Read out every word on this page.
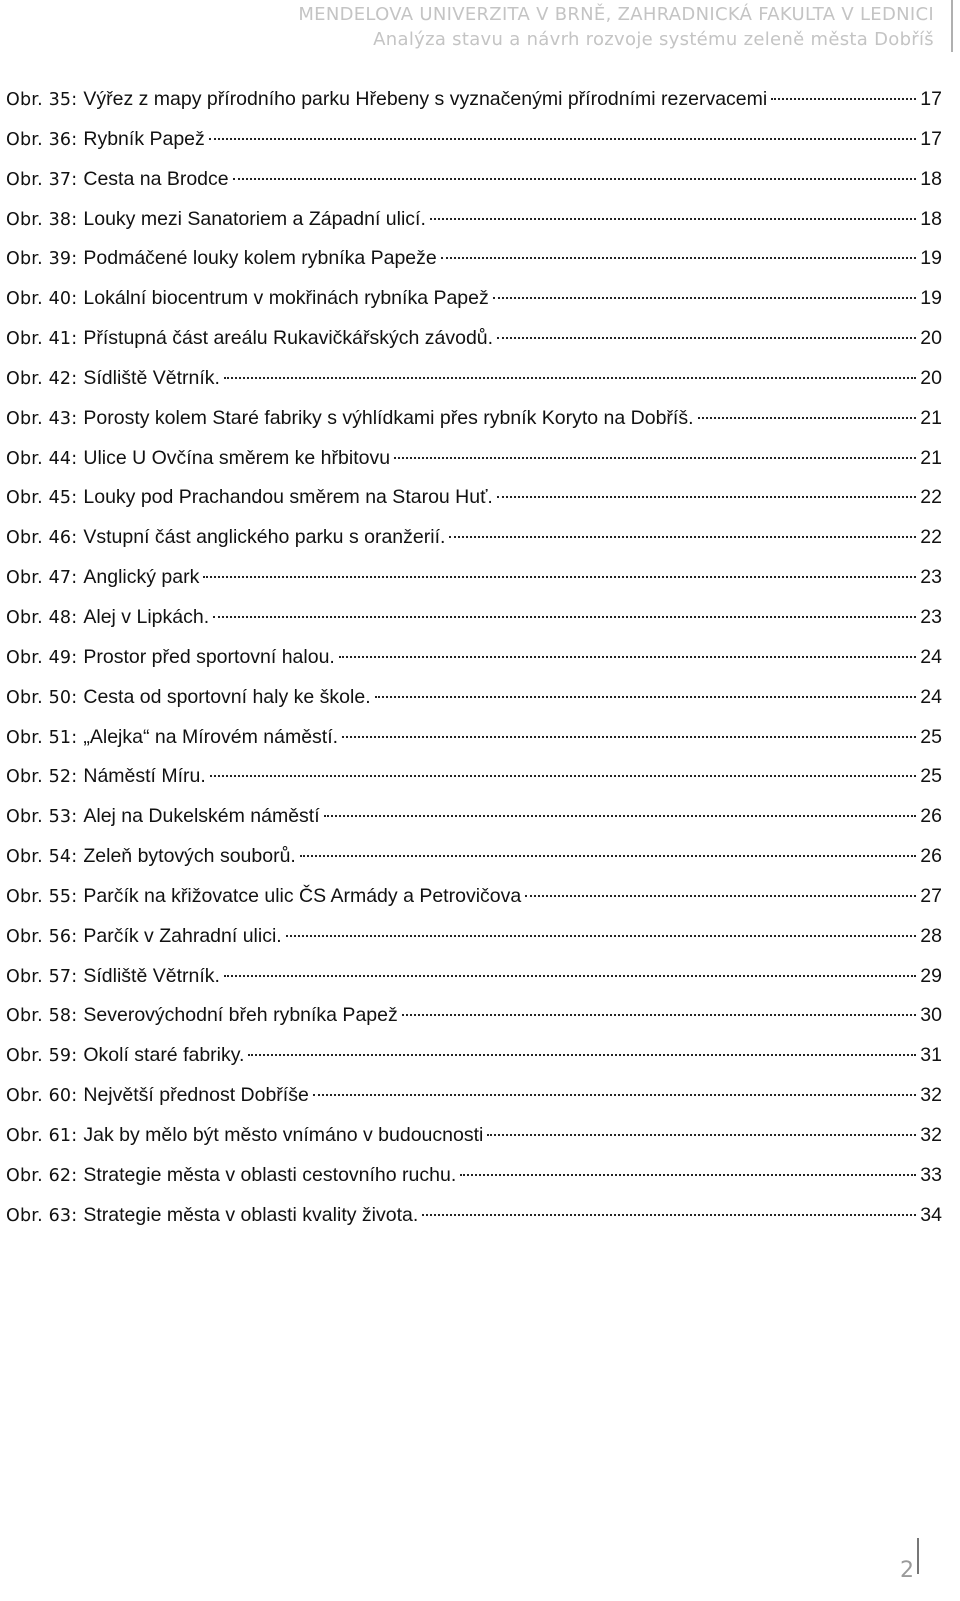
MENDELOVA UNIVERZITA V BRNĚ, ZAHRADNICKÁ FAKULTA V LEDNICI
Analýza stavu a návrh rozvoje systému zeleně města Dobříš
Obr. 35: Výřez z mapy přírodního parku Hřebeny s vyznačenými přírodními rezervacemi	17
Obr. 36: Rybník Papež	17
Obr. 37: Cesta na Brodce	18
Obr. 38: Louky mezi Sanatoriem a Západní ulicí.	18
Obr. 39: Podmáčené louky kolem rybníka Papeže	19
Obr. 40: Lokální biocentrum v mokřinách rybníka Papež	19
Obr. 41: Přístupná část areálu Rukavičkářských závodů.	20
Obr. 42: Sídliště Větrník.	20
Obr. 43: Porosty kolem Staré fabriky s výhlídkami přes rybník Koryto na Dobříš.	21
Obr. 44: Ulice U Ovčína směrem ke hřbitovu	21
Obr. 45: Louky pod Prachandou směrem na Starou Huť.	22
Obr. 46: Vstupní část anglického parku s oranžerií.	22
Obr. 47: Anglický park	23
Obr. 48: Alej v Lipkách.	23
Obr. 49: Prostor před sportovní halou.	24
Obr. 50: Cesta od sportovní haly ke škole.	24
Obr. 51: „Alejka“ na Mírovém náměstí.	25
Obr. 52: Náměstí Míru.	25
Obr. 53: Alej na Dukelském náměstí	26
Obr. 54: Zeleň bytových souborů.	26
Obr. 55: Parčík na křižovatce ulic ČS Armády a Petrovičova	27
Obr. 56: Parčík v Zahradní ulici.	28
Obr. 57: Sídliště Větrník.	29
Obr. 58: Severovýchodní břeh rybníka Papež	30
Obr. 59: Okolí staré fabriky.	31
Obr. 60: Největší přednost Dobříše	32
Obr. 61: Jak by mělo být město vnímáno v budoucnosti	32
Obr. 62: Strategie města v oblasti cestovního ruchu.	33
Obr. 63: Strategie města v oblasti kvality života.	34
2
